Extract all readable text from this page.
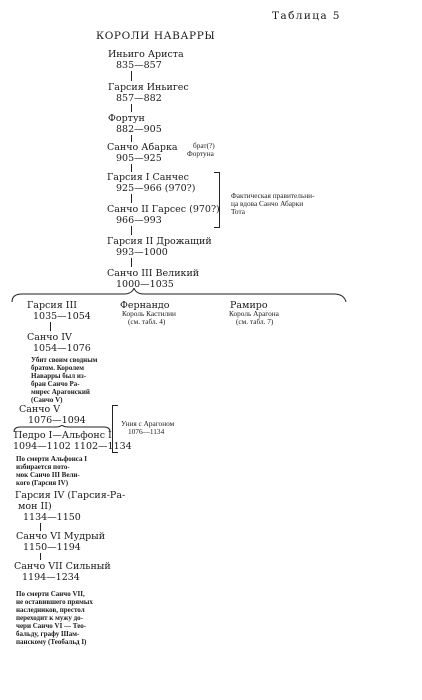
Таблица 5
КОРОЛИ НАВАРРЫ
Иньиго Ариста
835—857
Гарсия Иньигес
857—882
Фортун
882—905
Санчо Абарка
905—925
брат(?)
Фортуна
Гарсия I Санчес
925—966 (970?)
Санчо II Гарсес (970?)
966—993
Фактическая правительни-
ца вдова Санчо Абарки
Тота
Гарсия II Дрожащий
993—1000
Санчо III Великий
1000—1035
Фернандо
Король Кастилии
(см. табл. 4)
Рамиро
Король Арагона
(см. табл. 7)
Гарсия III
1035—1054
Санчо IV
1054—1076
Убит своим сводным
братом. Королем
Наварры был из-
бран Санчо Ра-
мирес Арагонский
(Санчо V)
Санчо V
1076—1094
Педро I—Альфонс I
1094—1102 1102—1134
Уния с Арагоном
1076—1134
По смерти Альфонса I
избирается пото-
мок Санчо III Вели-
кого (Гарсия IV)
Гарсия IV (Гарсия-Ра-
мон II)
1134—1150
Санчо VI Мудрый
1150—1194
Санчо VII Сильный
1194—1234
По смерти Санчо VII,
не оставившего прямых
наследников, престол
переходит к мужу до-
чери Санчо VI — Тео-
бальду, графу Шам-
панскому (Теобальд I)
